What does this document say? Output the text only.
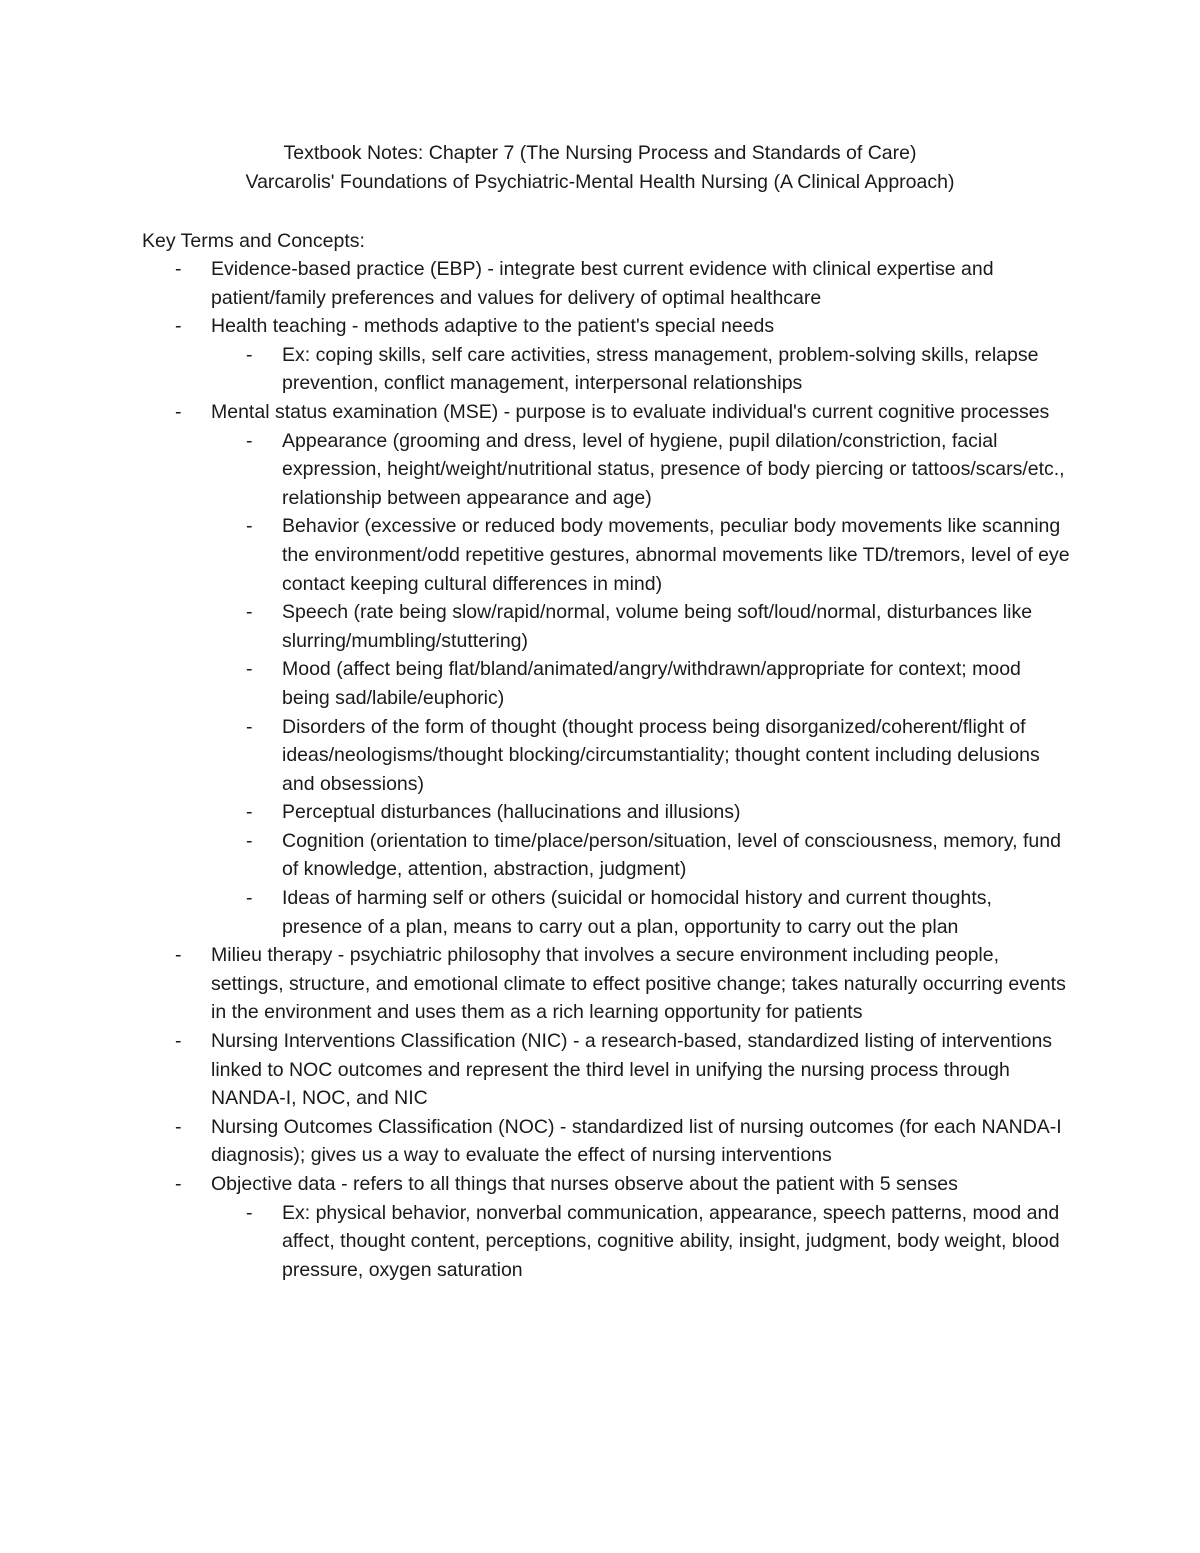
Textbook Notes: Chapter 7 (The Nursing Process and Standards of Care)
Varcarolis' Foundations of Psychiatric-Mental Health Nursing (A Clinical Approach)
Key Terms and Concepts:
- Evidence-based practice (EBP) - integrate best current evidence with clinical expertise and patient/family preferences and values for delivery of optimal healthcare
- Health teaching - methods adaptive to the patient's special needs
- Ex: coping skills, self care activities, stress management, problem-solving skills, relapse prevention, conflict management, interpersonal relationships
- Mental status examination (MSE) - purpose is to evaluate individual's current cognitive processes
- Appearance (grooming and dress, level of hygiene, pupil dilation/constriction, facial expression, height/weight/nutritional status, presence of body piercing or tattoos/scars/etc., relationship between appearance and age)
- Behavior (excessive or reduced body movements, peculiar body movements like scanning the environment/odd repetitive gestures, abnormal movements like TD/tremors, level of eye contact keeping cultural differences in mind)
- Speech (rate being slow/rapid/normal, volume being soft/loud/normal, disturbances like slurring/mumbling/stuttering)
- Mood (affect being flat/bland/animated/angry/withdrawn/appropriate for context; mood being sad/labile/euphoric)
- Disorders of the form of thought (thought process being disorganized/coherent/flight of ideas/neologisms/thought blocking/circumstantiality; thought content including delusions and obsessions)
- Perceptual disturbances (hallucinations and illusions)
- Cognition (orientation to time/place/person/situation, level of consciousness, memory, fund of knowledge, attention, abstraction, judgment)
- Ideas of harming self or others (suicidal or homocidal history and current thoughts, presence of a plan, means to carry out a plan, opportunity to carry out the plan
- Milieu therapy - psychiatric philosophy that involves a secure environment including people, settings, structure, and emotional climate to effect positive change; takes naturally occurring events in the environment and uses them as a rich learning opportunity for patients
- Nursing Interventions Classification (NIC) - a research-based, standardized listing of interventions linked to NOC outcomes and represent the third level in unifying the nursing process through NANDA-I, NOC, and NIC
- Nursing Outcomes Classification (NOC) - standardized list of nursing outcomes (for each NANDA-I diagnosis); gives us a way to evaluate the effect of nursing interventions
- Objective data - refers to all things that nurses observe about the patient with 5 senses
- Ex: physical behavior, nonverbal communication, appearance, speech patterns, mood and affect, thought content, perceptions, cognitive ability, insight, judgment, body weight, blood pressure, oxygen saturation
